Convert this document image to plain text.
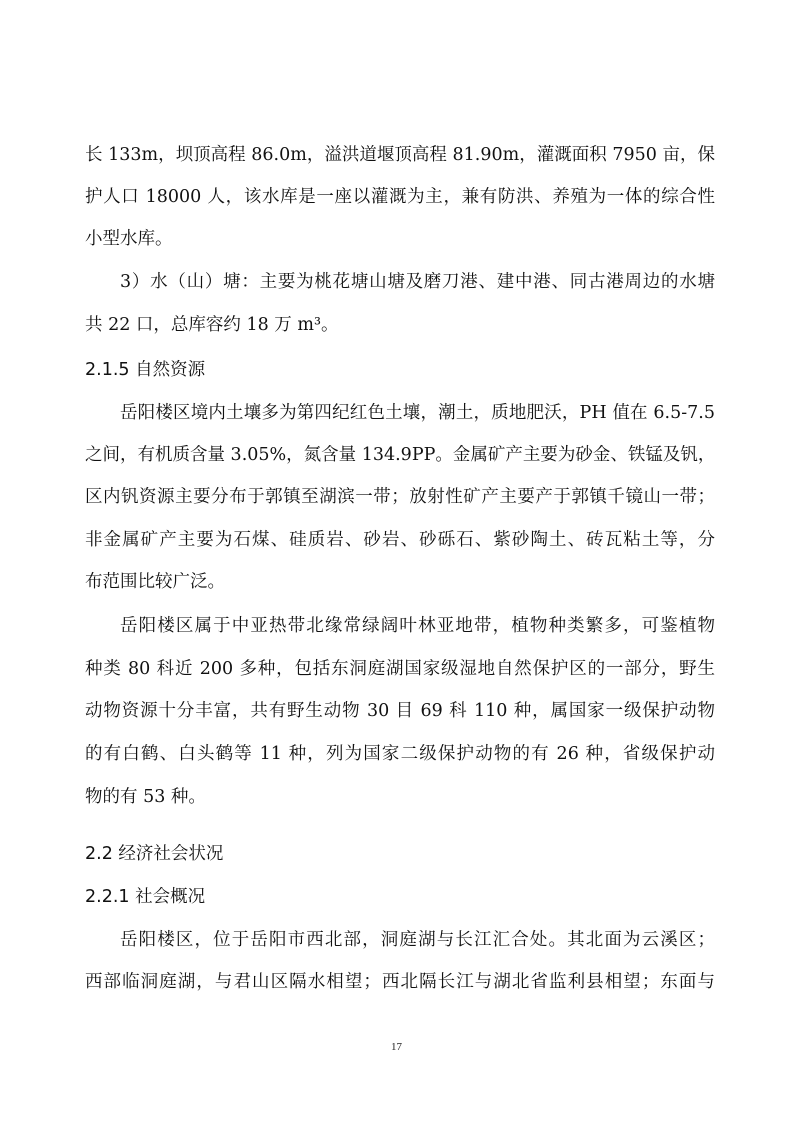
长 133m，坝顶高程 86.0m，溢洪道堰顶高程 81.90m，灌溉面积 7950 亩，保
护人口 18000 人，该水库是一座以灌溉为主，兼有防洪、养殖为一体的综合性
小型水库。
3）水（山）塘：主要为桃花塘山塘及磨刀港、建中港、同古港周边的水塘
共 22 口，总库容约 18 万 m³。
2.1.5 自然资源
岳阳楼区境内土壤多为第四纪红色土壤，潮土，质地肥沃，PH 值在 6.5-7.5
之间，有机质含量 3.05%，氮含量 134.9PP。金属矿产主要为砂金、铁锰及钒，
区内钒资源主要分布于郭镇至湖滨一带；放射性矿产主要产于郭镇千镜山一带；
非金属矿产主要为石煤、硅质岩、砂岩、砂砾石、紫砂陶土、砖瓦粘土等，分
布范围比较广泛。
岳阳楼区属于中亚热带北缘常绿阔叶林亚地带，植物种类繁多，可鉴植物
种类 80 科近 200 多种，包括东洞庭湖国家级湿地自然保护区的一部分，野生
动物资源十分丰富，共有野生动物 30 目 69 科 110 种，属国家一级保护动物
的有白鹤、白头鹤等 11 种，列为国家二级保护动物的有 26 种，省级保护动
物的有 53 种。
2.2 经济社会状况
2.2.1 社会概况
岳阳楼区，位于岳阳市西北部，洞庭湖与长江汇合处。其北面为云溪区；
西部临洞庭湖，与君山区隔水相望；西北隔长江与湖北省监利县相望；东面与
17
